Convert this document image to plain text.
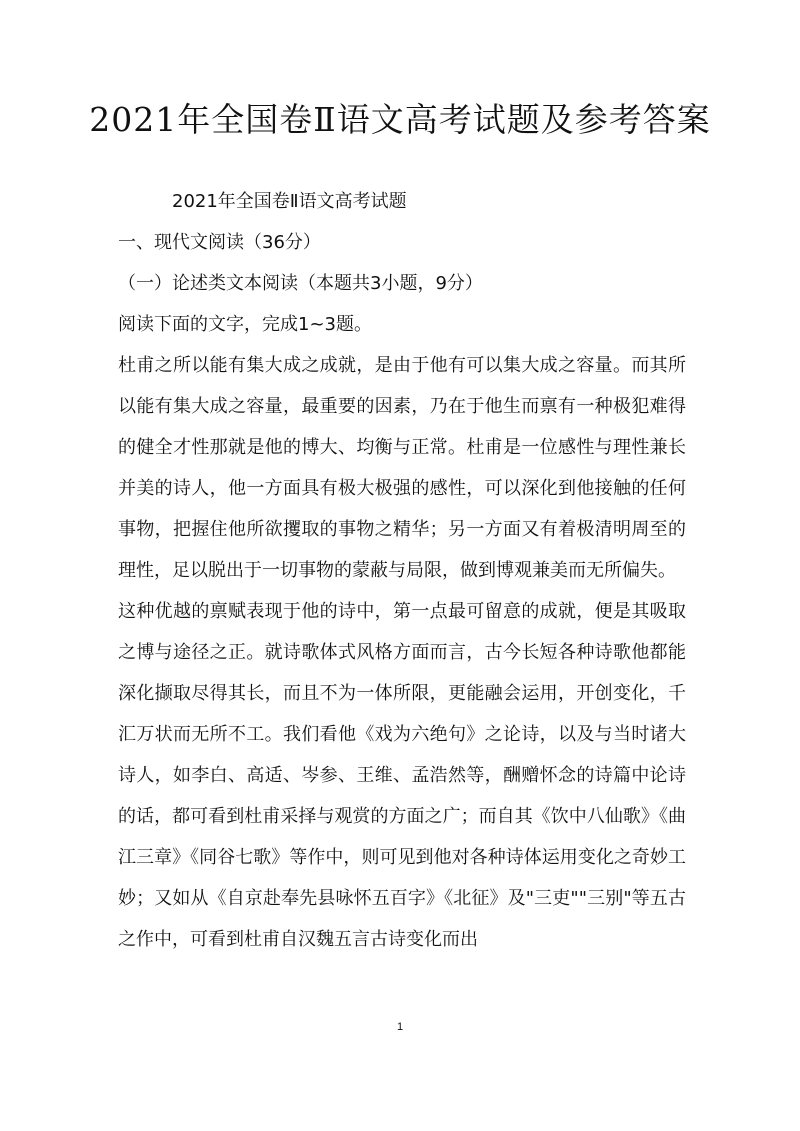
2021年全国卷Ⅱ语文高考试题及参考答案

2021年全国卷Ⅱ语文高考试题

一、现代文阅读（36分）

（一）论述类文本阅读（本题共3小题，9分）

阅读下面的文字，完成1~3题。

杜甫之所以能有集大成之成就，是由于他有可以集大成之容量。而其所以能有集大成之容量，最重要的因素，乃在于他生而禀有一种极犯难得的健全才性那就是他的博大、均衡与正常。杜甫是一位感性与理性兼长并美的诗人，他一方面具有极大极强的感性，可以深化到他接触的任何事物，把握住他所欲攫取的事物之精华；另一方面又有着极清明周至的理性，足以脱出于一切事物的蒙蔽与局限，做到博观兼美而无所偏失。

这种优越的禀赋表现于他的诗中，第一点最可留意的成就，便是其吸取之博与途径之正。就诗歌体式风格方面而言，古今长短各种诗歌他都能深化撷取尽得其长，而且不为一体所限，更能融会运用，开创变化，千汇万状而无所不工。我们看他《戏为六绝句》之论诗，以及与当时诸大诗人，如李白、高适、岑参、王维、孟浩然等，酬赠怀念的诗篇中论诗的话，都可看到杜甫采择与观赏的方面之广；而自其《饮中八仙歌》《曲江三章》《同谷七歌》等作中，则可见到他对各种诗体运用变化之奇妙工妙；又如从《自京赴奉先县咏怀五百字》《北征》及"三吏""三别"等五古之作中，可看到杜甫自汉魏五言古诗变化而出

1
